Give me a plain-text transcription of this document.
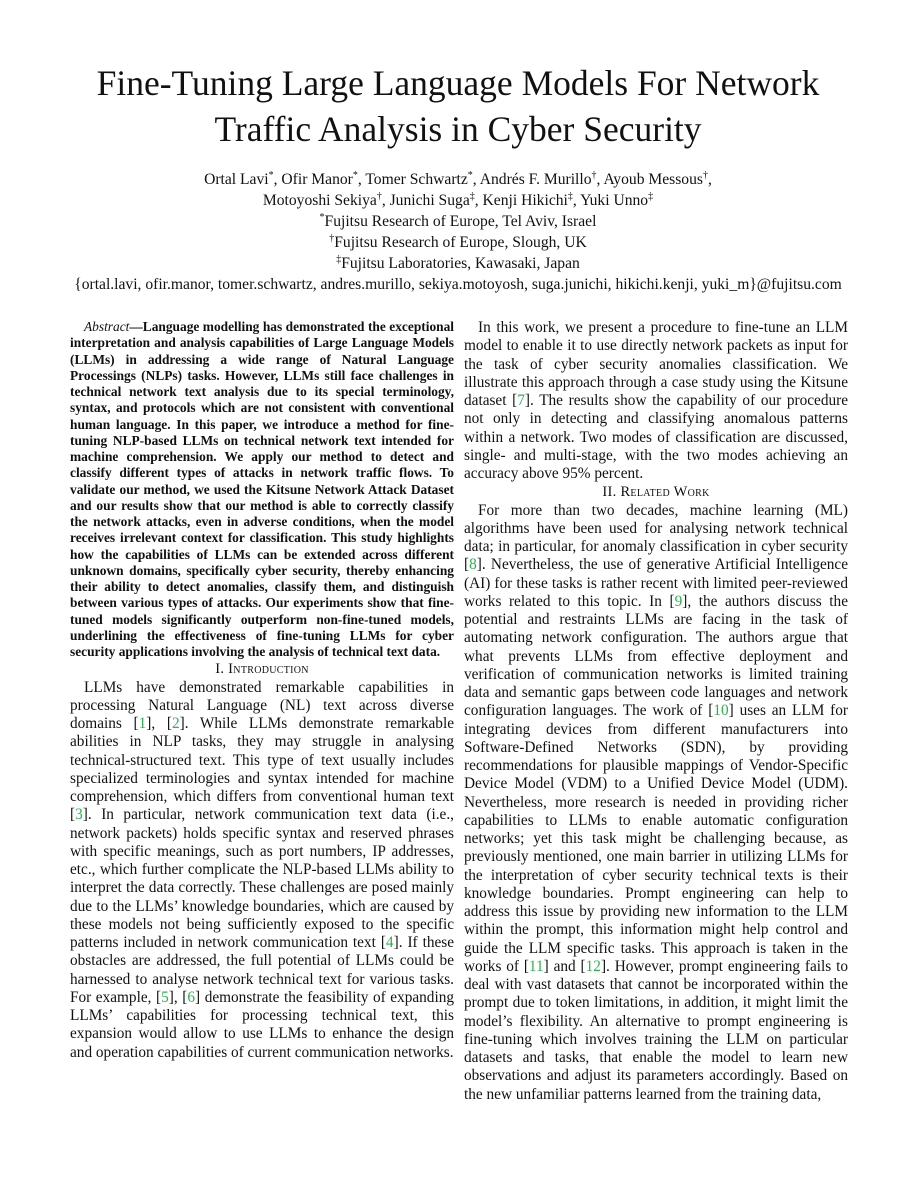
Fine-Tuning Large Language Models For Network
Traffic Analysis in Cyber Security
Ortal Lavi*, Ofir Manor*, Tomer Schwartz*, Andrés F. Murillo†, Ayoub Messous†,
Motoyoshi Sekiya†, Junichi Suga‡, Kenji Hikichi‡, Yuki Unno‡
*Fujitsu Research of Europe, Tel Aviv, Israel
†Fujitsu Research of Europe, Slough, UK
‡Fujitsu Laboratories, Kawasaki, Japan
{ortal.lavi, ofir.manor, tomer.schwartz, andres.murillo, sekiya.motoyosh, suga.junichi, hikichi.kenji, yuki_m}@fujitsu.com

Abstract—Language modelling has demonstrated the exceptional interpretation and analysis capabilities of Large Language Models (LLMs) in addressing a wide range of Natural Language Processings (NLPs) tasks. However, LLMs still face challenges in technical network text analysis due to its special terminology, syntax, and protocols which are not consistent with conventional human language. In this paper, we introduce a method for fine-tuning NLP-based LLMs on technical network text intended for machine comprehension. We apply our method to detect and classify different types of attacks in network traffic flows. To validate our method, we used the Kitsune Network Attack Dataset and our results show that our method is able to correctly classify the network attacks, even in adverse conditions, when the model receives irrelevant context for classification. This study highlights how the capabilities of LLMs can be extended across different unknown domains, specifically cyber security, thereby enhancing their ability to detect anomalies, classify them, and distinguish between various types of attacks. Our experiments show that fine-tuned models significantly outperform non-fine-tuned models, underlining the effectiveness of fine-tuning LLMs for cyber security applications involving the analysis of technical text data.

I. Introduction

LLMs have demonstrated remarkable capabilities in processing Natural Language (NL) text across diverse domains [1], [2]. While LLMs demonstrate remarkable abilities in NLP tasks, they may struggle in analysing technical-structured text. This type of text usually includes specialized terminologies and syntax intended for machine comprehension, which differs from conventional human text [3]. In particular, network communication text data (i.e., network packets) holds specific syntax and reserved phrases with specific meanings, such as port numbers, IP addresses, etc., which further complicate the NLP-based LLMs ability to interpret the data correctly. These challenges are posed mainly due to the LLMs’ knowledge boundaries, which are caused by these models not being sufficiently exposed to the specific patterns included in network communication text [4]. If these obstacles are addressed, the full potential of LLMs could be harnessed to analyse network technical text for various tasks. For example, [5], [6] demonstrate the feasibility of expanding LLMs’ capabilities for processing technical text, this expansion would allow to use LLMs to enhance the design and operation capabilities of current communication networks.

In this work, we present a procedure to fine-tune an LLM model to enable it to use directly network packets as input for the task of cyber security anomalies classification. We illustrate this approach through a case study using the Kitsune dataset [7]. The results show the capability of our procedure not only in detecting and classifying anomalous patterns within a network. Two modes of classification are discussed, single- and multi-stage, with the two modes achieving an accuracy above 95% percent.

II. Related Work

For more than two decades, machine learning (ML) algorithms have been used for analysing network technical data; in particular, for anomaly classification in cyber security [8]. Nevertheless, the use of generative Artificial Intelligence (AI) for these tasks is rather recent with limited peer-reviewed works related to this topic. In [9], the authors discuss the potential and restraints LLMs are facing in the task of automating network configuration. The authors argue that what prevents LLMs from effective deployment and verification of communication networks is limited training data and semantic gaps between code languages and network configuration languages. The work of [10] uses an LLM for integrating devices from different manufacturers into Software-Defined Networks (SDN), by providing recommendations for plausible mappings of Vendor-Specific Device Model (VDM) to a Unified Device Model (UDM). Nevertheless, more research is needed in providing richer capabilities to LLMs to enable automatic configuration networks; yet this task might be challenging because, as previously mentioned, one main barrier in utilizing LLMs for the interpretation of cyber security technical texts is their knowledge boundaries. Prompt engineering can help to address this issue by providing new information to the LLM within the prompt, this information might help control and guide the LLM specific tasks. This approach is taken in the works of [11] and [12]. However, prompt engineering fails to deal with vast datasets that cannot be incorporated within the prompt due to token limitations, in addition, it might limit the model’s flexibility. An alternative to prompt engineering is fine-tuning which involves training the LLM on particular datasets and tasks, that enable the model to learn new observations and adjust its parameters accordingly. Based on the new unfamiliar patterns learned from the training data,
